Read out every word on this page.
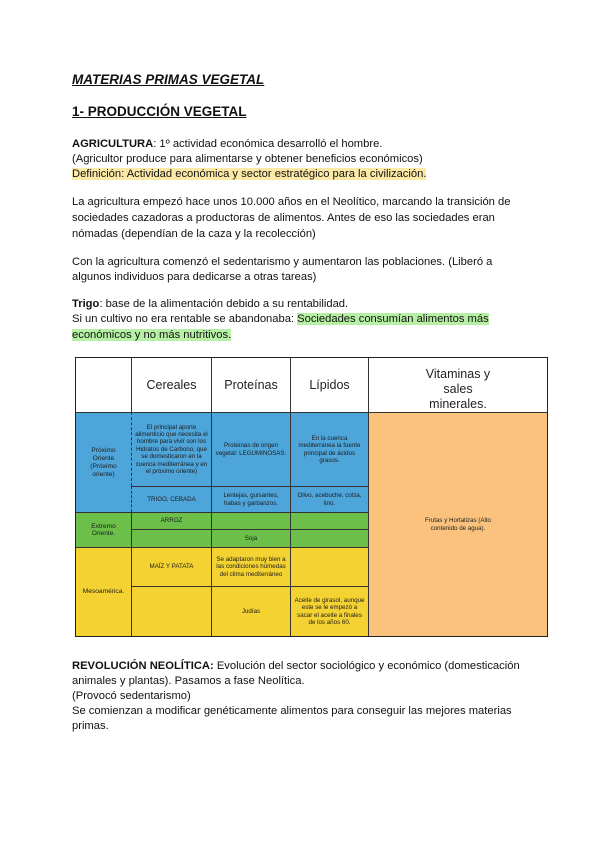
MATERIAS PRIMAS VEGETAL
1- PRODUCCIÓN VEGETAL
AGRICULTURA: 1º actividad económica desarrolló el hombre.
(Agricultor produce para alimentarse y obtener beneficios económicos)
Definición: Actividad económica y sector estratégico para la civilización.
La agricultura empezó hace unos 10.000 años en el Neolítico, marcando la transición de
sociedades cazadoras a productoras de alimentos. Antes de eso las sociedades eran
nómadas (dependían de la caza y la recolección)
Con la agricultura comenzó el sedentarismo y aumentaron las poblaciones. (Liberó a
algunos individuos para dedicarse a otras tareas)
Trigo: base de la alimentación debido a su rentabilidad.
Si un cultivo no era rentable se abandonaba: Sociedades consumían alimentos más
económicos y no más nutritivos.
Cereales	Proteínas	Lípidos
Vitaminas y sales minerales.
Próximo Oriente (Próximo oriente)
Extremo Oriente.
Mesoamérica.
El principal aporte alimenticio que necesita el hombre para vivir son los Hidratos de Carbono, que se domesticaron en la cuenca mediterránea y en el próximo oriente)
TRIGO, CEBADA
Proteínas de origen vegetal: LEGUMINOSAS:
Lentejas, guisantes, habas y garbanzos.
En la cuenca mediterránea la fuente principal de ácidos grasos.
Olivo, acebuche, colza, lino.
ARROZ
Soja
MAÍZ Y PATATA
Se adaptaron muy bien a las condiciones húmedas del clima mediterráneo
Judías
Aceite de girasol, aunque este se le empezó a sacar el aceite a finales de los años 60.
Frutas y Hortalizas (Alto contenido de agua).
REVOLUCIÓN NEOLÍTICA: Evolución del sector sociológico y económico (domesticación
animales y plantas). Pasamos a fase Neolítica.
(Provocó sedentarismo)
Se comienzan a modificar genéticamente alimentos para conseguir las mejores materias
primas.
